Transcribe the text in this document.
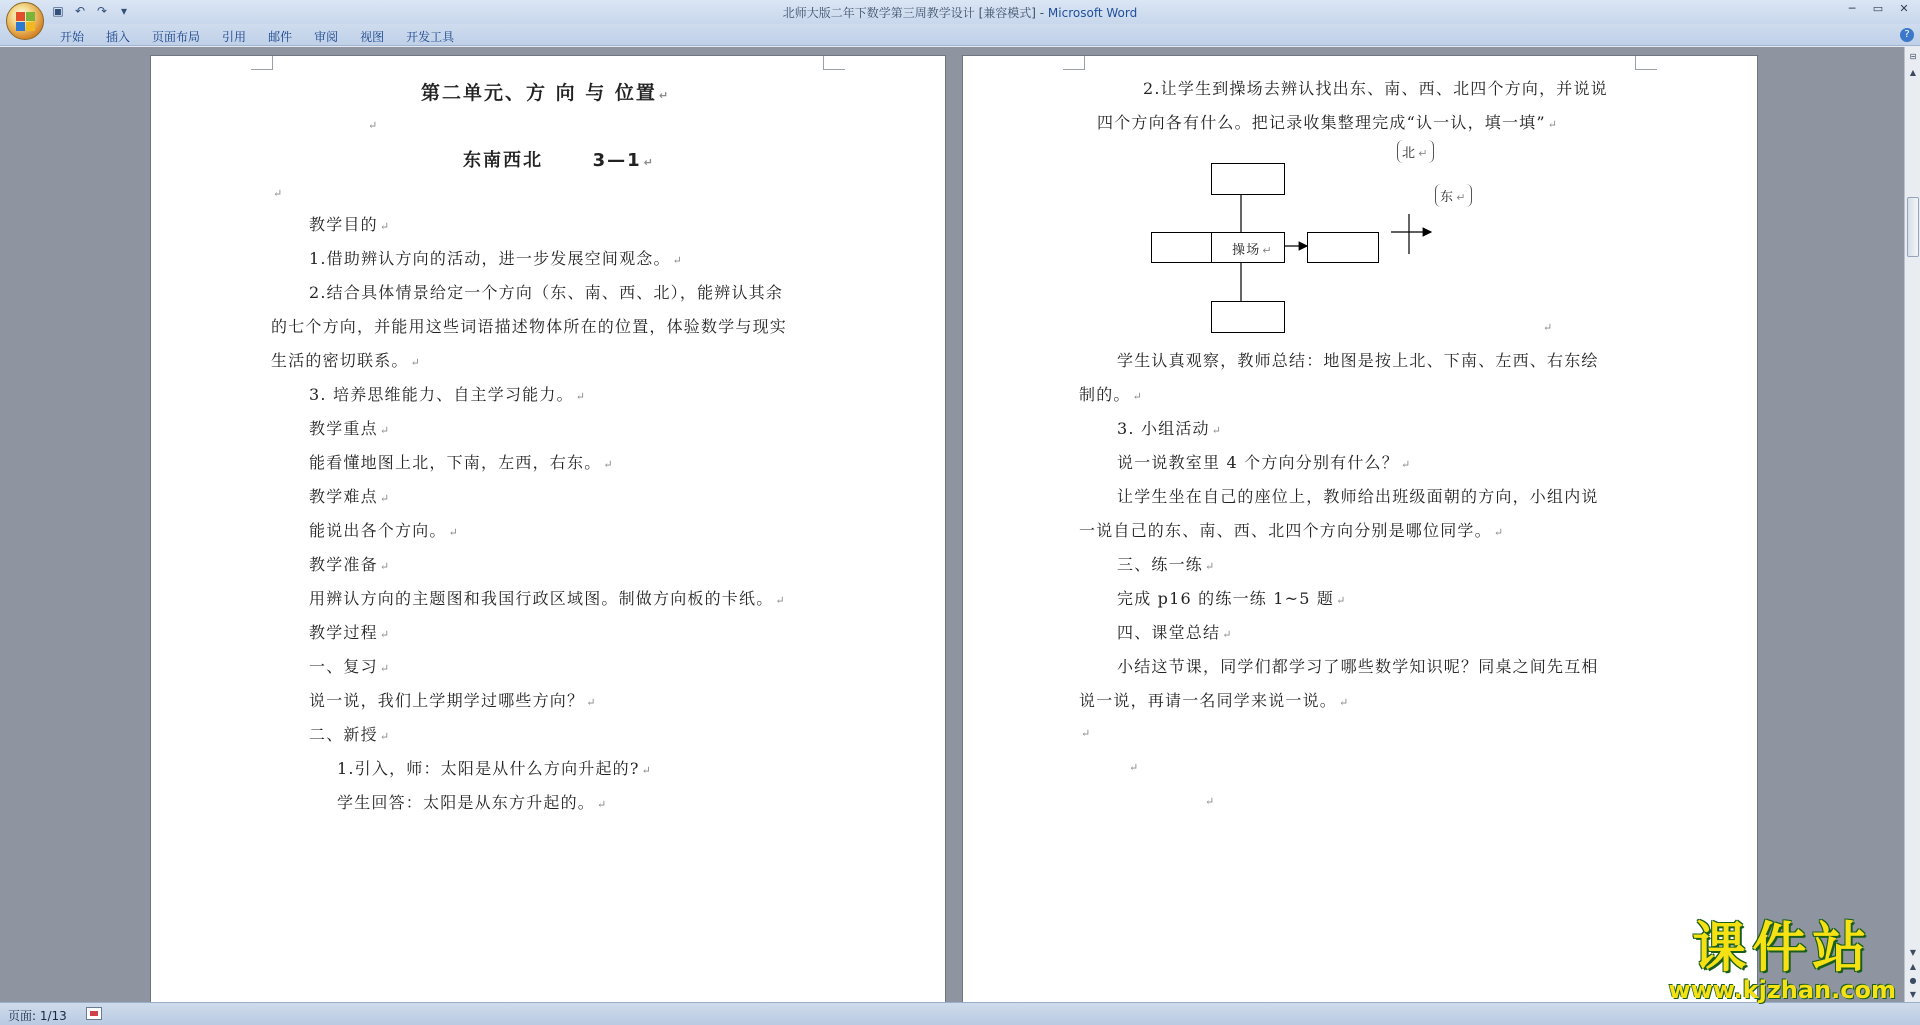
▣ ↶ ↷	▾	北师大版二年下数学第三周教学设计 [兼容模式] - Microsoft Word	─	▭	✕
开始 插入 页面布局 引用 邮件 审阅 视图 开发工具	?
第二单元、方 向 与 位置 ↵
↵
东南西北      3—1 ↵
↵
教学目的 ↵
1.借助辨认方向的活动，进一步发展空间观念。 ↵
2.结合具体情景给定一个方向（东、南、西、北），能辨认其余
的七个方向，并能用这些词语描述物体所在的位置，体验数学与现实
生活的密切联系。 ↵
3. 培养思维能力、自主学习能力。 ↵
教学重点 ↵
能看懂地图上北，下南，左西，右东。 ↵
教学难点 ↵
能说出各个方向。 ↵
教学准备 ↵
用辨认方向的主题图和我国行政区域图。制做方向板的卡纸。 ↵
教学过程 ↵
一、复习 ↵
说一说，我们上学期学过哪些方向？ ↵
二、新授 ↵
1.引入，师：太阳是从什么方向升起的? ↵
学生回答：太阳是从东方升起的。 ↵
2.让学生到操场去辨认找出东、南、西、北四个方向，并说说
四个方向各有什么。把记录收集整理完成“认一认，填一填” ↵
操场 ↵
北 ↵
东 ↵
↵
学生认真观察，教师总结：地图是按上北、下南、左西、右东绘
制的。 ↵
3. 小组活动 ↵
说一说教室里 4 个方向分别有什么？ ↵
让学生坐在自己的座位上，教师给出班级面朝的方向，小组内说
一说自己的东、南、西、北四个方向分别是哪位同学。 ↵
三、练一练 ↵
完成 p16 的练一练 1~5 题 ↵
四、课堂总结 ↵
小结这节课，同学们都学习了哪些数学知识呢？同桌之间先互相
说一说，再请一名同学来说一说。 ↵
↵
↵
↵
⊟
▲
▼
▲
●
▼
页面: 1/13
课件站
www.kjzhan.com
